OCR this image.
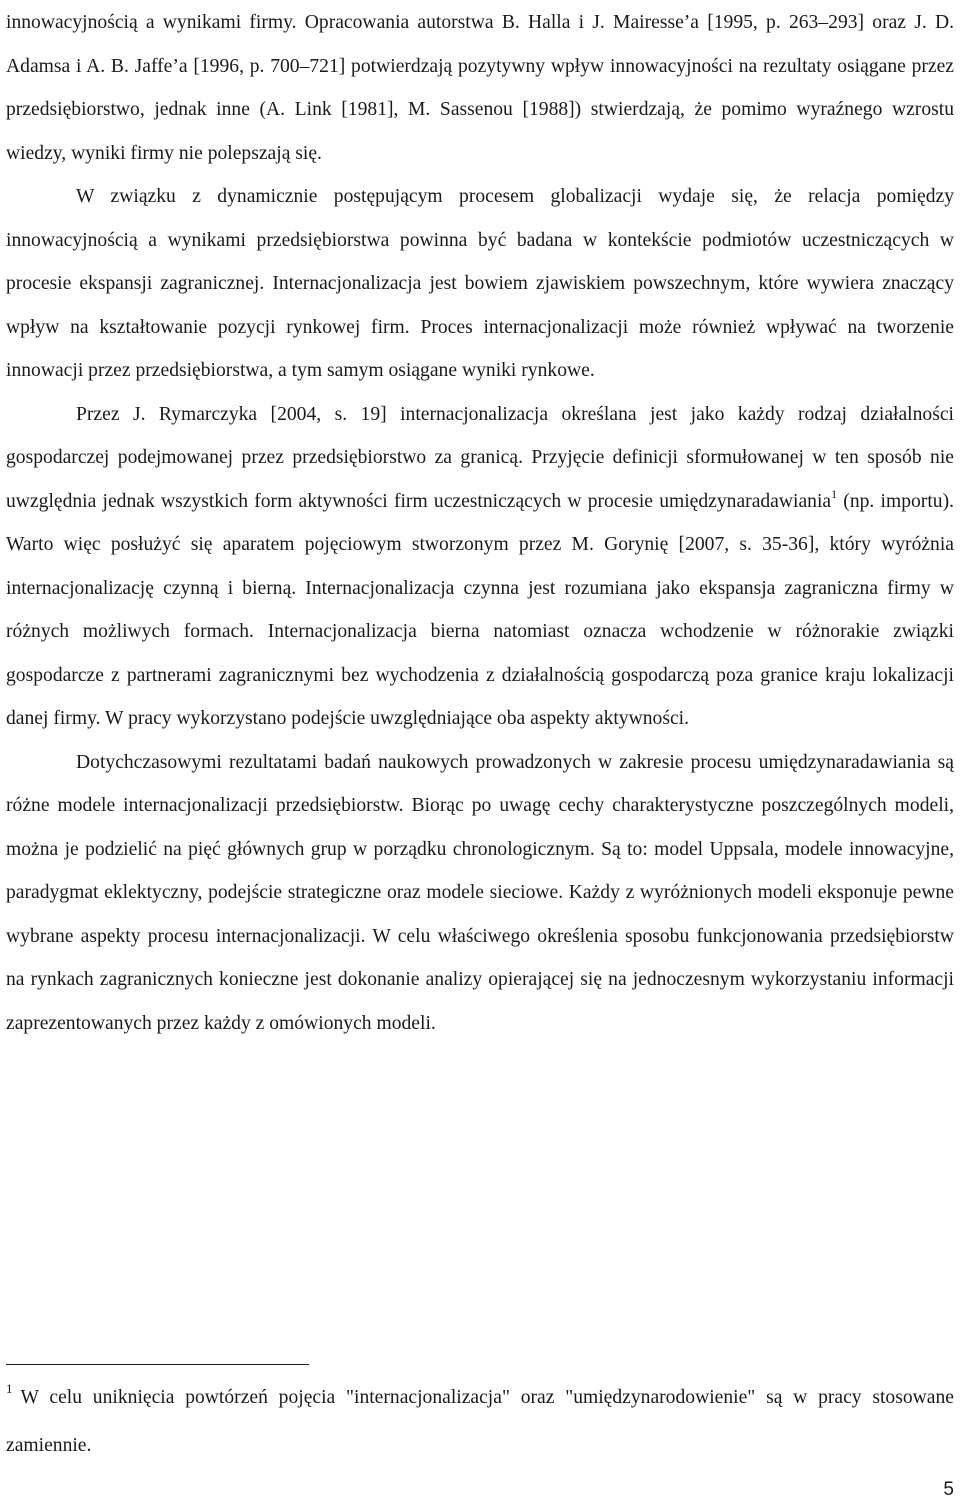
innowacyjnością a wynikami firmy. Opracowania autorstwa B. Halla i J. Mairesse’a [1995, p. 263–293] oraz J. D. Adamsa i A. B. Jaffe’a [1996, p. 700–721] potwierdzają pozytywny wpływ innowacyjności na rezultaty osiągane przez przedsiębiorstwo, jednak inne (A. Link [1981], M. Sassenou [1988]) stwierdzają, że pomimo wyraźnego wzrostu wiedzy, wyniki firmy nie polepszają się.

W związku z dynamicznie postępującym procesem globalizacji wydaje się, że relacja pomiędzy innowacyjnością a wynikami przedsiębiorstwa powinna być badana w kontekście podmiotów uczestniczących w procesie ekspansji zagranicznej. Internacjonalizacja jest bowiem zjawiskiem powszechnym, które wywiera znaczący wpływ na kształtowanie pozycji rynkowej firm. Proces internacjonalizacji może również wpływać na tworzenie innowacji przez przedsiębiorstwa, a tym samym osiągane wyniki rynkowe.

Przez J. Rymarczyka [2004, s. 19] internacjonalizacja określana jest jako każdy rodzaj działalności gospodarczej podejmowanej przez przedsiębiorstwo za granicą. Przyjęcie definicji sformułowanej w ten sposób nie uwzględnia jednak wszystkich form aktywności firm uczestniczących w procesie umiędzynaradawiania$^1$ (np. importu). Warto więc posłużyć się aparatem pojęciowym stworzonym przez M. Gorynię [2007, s. 35-36], który wyróżnia internacjonalizację czynną i bierną. Internacjonalizacja czynna jest rozumiana jako ekspansja zagraniczna firmy w różnych możliwych formach. Internacjonalizacja bierna natomiast oznacza wchodzenie w różnorakie związki gospodarcze z partnerami zagranicznymi bez wychodzenia z działalnością gospodarczą poza granice kraju lokalizacji danej firmy. W pracy wykorzystano podejście uwzględniające oba aspekty aktywności.

Dotychczasowymi rezultatami badań naukowych prowadzonych w zakresie procesu umiędzynaradawiania są różne modele internacjonalizacji przedsiębiorstw. Biorąc po uwagę cechy charakterystyczne poszczególnych modeli, można je podzielić na pięć głównych grup w porządku chronologicznym. Są to: model Uppsala, modele innowacyjne, paradygmat eklektyczny, podejście strategiczne oraz modele sieciowe. Każdy z wyróżnionych modeli eksponuje pewne wybrane aspekty procesu internacjonalizacji. W celu właściwego określenia sposobu funkcjonowania przedsiębiorstw na rynkach zagranicznych konieczne jest dokonanie analizy opierającej się na jednoczesnym wykorzystaniu informacji zaprezentowanych przez każdy z omówionych modeli.

$^1$ W celu uniknięcia powtórzeń pojęcia "internacjonalizacja" oraz "umiędzynarodowienie" są w pracy stosowane zamiennie.

5
